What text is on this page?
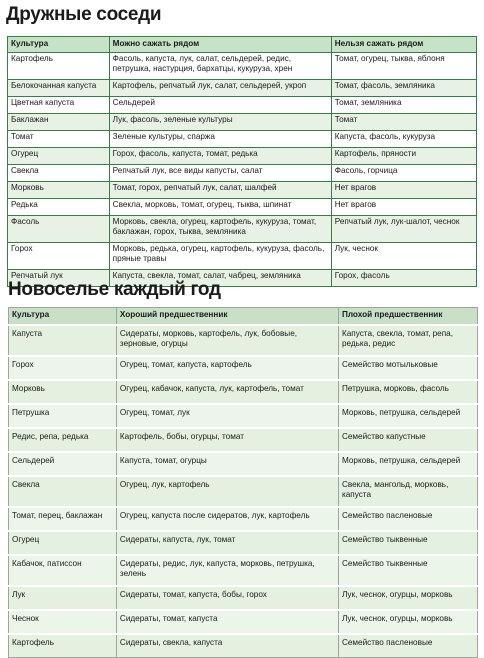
Дружные соседи
Культура	Можно сажать рядом	Нельзя сажать рядом
Картофель	Фасоль, капуста, лук, салат, сельдерей, редис, петрушка, настурция, бархатцы, кукуруза, хрен	Томат, огурец, тыква, яблоня
Белокочанная капуста	Картофель, репчатый лук, салат, сельдерей, укроп	Томат, фасоль, земляника
Цветная капуста	Сельдерей	Томат, земляника
Баклажан	Лук, фасоль, зеленые культуры	Томат
Томат	Зеленые культуры, спаржа	Капуста, фасоль, кукуруза
Огурец	Горох, фасоль, капуста, томат, редька	Картофель, пряности
Свекла	Репчатый лук, все виды капусты, салат	Фасоль, горчица
Морковь	Томат, горох, репчатый лук, салат, шалфей	Нет врагов
Редька	Свекла, морковь, томат, огурец, тыква, шпинат	Нет врагов
Фасоль	Морковь, свекла, огурец, картофель, кукуруза, томат, баклажан, горох, тыква, земляника	Репчатый лук, лук-шалот, чеснок
Горох	Морковь, редька, огурец, картофель, кукуруза, фасоль, пряные травы	Лук, чеснок
Репчатый лук	Капуста, свекла, томат, салат, чабрец, земляника	Горох, фасоль
Новоселье каждый год
Культура	Хороший предшественник	Плохой предшественник
Капуста	Сидераты, морковь, картофель, лук, бобовые, зерновые, огурцы	Капуста, свекла, томат, репа, редька, редис
Горох	Огурец, томат, капуста, картофель	Семейство мотыльковые
Морковь	Огурец, кабачок, капуста, лук, картофель, томат	Петрушка, морковь, фасоль
Петрушка	Огурец, томат, лук	Морковь, петрушка, сельдерей
Редис, репа, редька	Картофель, бобы, огурцы, томат	Семейство капустные
Сельдерей	Капуста, томат, огурцы	Морковь, петрушка, сельдерей
Свекла	Огурец, лук, картофель	Свекла, мангольд, морковь, капуста
Томат, перец, баклажан	Огурец, капуста после сидератов, лук, картофель	Семейство пасленовые
Огурец	Сидераты, капуста, лук, томат	Семейство тыквенные
Кабачок, патиссон	Сидераты, редис, лук, капуста, морковь, петрушка, зелень	Семейство тыквенные
Лук	Сидераты, томат, капуста, бобы, горох	Лук, чеснок, огурцы, морковь
Чеснок	Сидераты, томат, капуста	Лук, чеснок, огурцы, морковь
Картофель	Сидераты, свекла, капуста	Семейство пасленовые
